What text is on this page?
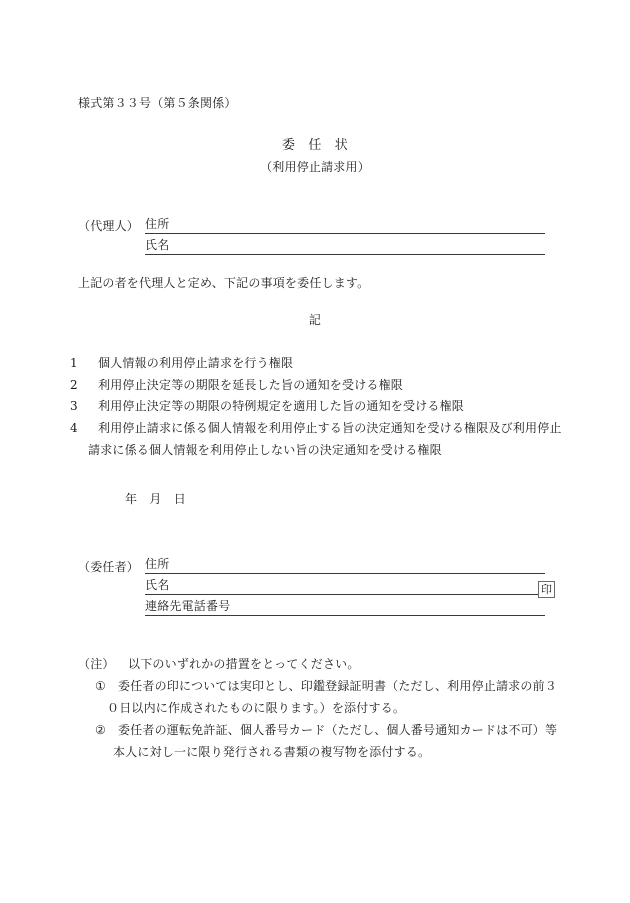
様式第３３号（第５条関係）
委　任　状
（利用停止請求用）
（代理人） 住所
氏名
上記の者を代理人と定め、下記の事項を委任します。
記
1 個人情報の利用停止請求を行う権限
2 利用停止決定等の期限を延長した旨の通知を受ける権限
3 利用停止決定等の期限の特例規定を適用した旨の通知を受ける権限
4 利用停止請求に係る個人情報を利用停止する旨の決定通知を受ける権限及び利用停止
請求に係る個人情報を利用停止しない旨の決定通知を受ける権限
年　月　日
（委任者） 住所
氏名	印
連絡先電話番号
（注） 以下のいずれかの措置をとってください。
① 委任者の印については実印とし、印鑑登録証明書（ただし、利用停止請求の前３
０日以内に作成されたものに限ります。）を添付する。
② 委任者の運転免許証、個人番号カード（ただし、個人番号通知カードは不可）等
本人に対し一に限り発行される書類の複写物を添付する。
